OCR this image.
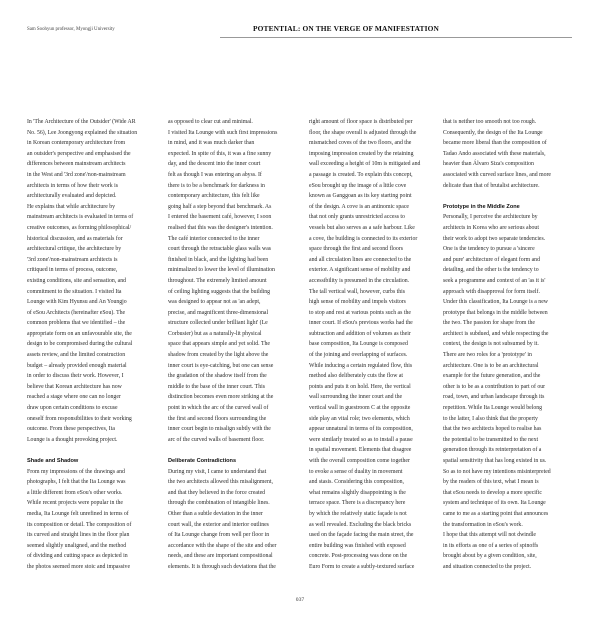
Sam Soohyun professor, Myongji University	POTENTIAL: ON THE VERGE OF MANIFESTATION

In 'The Architecture of the Outsider' (Wide AR

No. 56), Lee Joongyong explained the situation

in Korean contemporary architecture from

an outsider's perspective and emphasised the

differences between mainstream architects

in the West and '3rd zone'/non-mainstream

architects in terms of how their work is

architecturally evaluated and depicted.

He explains that while architecture by

mainstream architects is evaluated in terms of

creative outcomes, as forming philosophical/

historical discussion, and as materials for

architectural critique, the architecture by

'3rd zone'/non-mainstream architects is

critiqued in terms of process, outcome,

existing conditions, site and sensation, and

commitment to the situation. I visited Ita

Lounge with Kim Hyunsu and An Youngjo

of eSou Architects (hereinafter eSou). The

common problems that we identified – the

appropriate form on an unfavourable site, the

design to be compromised during the cultural

assets review, and the limited construction

budget – already provided enough material

in order to discuss their work. However, I

believe that Korean architecture has now

reached a stage where one can no longer

draw upon certain conditions to excuse

oneself from responsibilities to their working

outcome. From these perspectives, Ita

Lounge is a thought provoking project.

Shade and Shadow

From my impressions of the drawings and

photographs, I felt that the Ita Lounge was

a little different from eSou's other works.

While recent projects were popular in the

media, Ita Lounge felt unrefined in terms of

its composition or detail. The composition of

its curved and straight lines in the floor plan

seemed slightly unaligned, and the method

of dividing and cutting space as depicted in

the photos seemed more stoic and impassive

as opposed to clear cut and minimal.

I visited Ita Lounge with such first impressions

in mind, and it was much darker than

expected. In spite of this, it was a fine sunny

day, and the descent into the inner court

felt as though I was entering an abyss. If

there is to be a benchmark for darkness in

contemporary architecture, this felt like

going half a step beyond that benchmark. As

I entered the basement café, however, I soon

realised that this was the designer's intention.

The café interior connected to the inner

court through the retractable glass walls was

finished in black, and the lighting had been

minimalized to lower the level of illumination

throughout. The extremely limited amount

of ceiling lighting suggests that the building

was designed to appear not as 'an adept,

precise, and magnificent three-dimensional

structure collected under brilliant light' (Le

Corbusier) but as a naturally-lit physical

space that appears simple and yet solid. The

shadow from created by the light above the

inner court is eye-catching, but one can sense

the gradation of the shadow itself from the

middle to the base of the inner court. This

distinction becomes even more striking at the

point in which the arc of the curved wall of

the first and second floors surrounding the

inner court begin to misalign subtly with the

arc of the curved walls of basement floor.

Deliberate Contradictions

During my visit, I came to understand that

the two architects allowed this misalignment,

and that they believed in the force created

through the combination of intangible lines.

Other than a subtle deviation in the inner

court wall, the exterior and interior outlines

of Ita Lounge change from well per floor in

accordance with the shape of the site and other

needs, and these are important compositional

elements. It is through such deviations that the

right amount of floor space is distributed per

floor, the shape overall is adjusted through the

mismatched coves of the two floors, and the

imposing impression created by the retaining

wall exceeding a height of 10m is mitigated and

a passage is created. To explain this concept,

eSou brought up the image of a little cove

known as Ganggoan as its key starting point

of the design. A cove is an antinomic space

that not only grants unrestricted access to

vessels but also serves as a safe harbour. Like

a cove, the building is connected to its exterior

space through the first and second floors

and all circulation lines are connected to the

exterior. A significant sense of mobility and

accessibility is presumed in the circulation.

The tall vertical wall, however, curbs this

high sense of mobility and impels visitors

to stop and rest at various points such as the

inner court. If eSou's previous works had the

subtraction and addition of volumes as their

base composition, Ita Lounge is composed

of the joining and overlapping of surfaces.

While inducing a certain regulated flow, this

method also deliberately cuts the flow at

points and puts it on hold. Here, the vertical

wall surrounding the inner court and the

vertical wall in guestroom C at the opposite

side play an vital role; two elements, which

appear unnatural in terms of its composition,

were similarly treated so as to install a pause

in spatial movement. Elements that disagree

with the overall composition come together

to evoke a sense of duality in movement

and stasis. Considering this composition,

what remains slightly disappointing is the

terrace space. There is a discrepancy here

by which the relatively static façade is not

as well revealed. Excluding the black bricks

used on the façade facing the main street, the

entire building was finished with exposed

concrete. Post-processing was done on the

Euro Form to create a subtly-textured surface

that is neither too smooth not too rough.

Consequently, the design of the Ita Lounge

became more liberal than the composition of

Tadao Ando associated with these materials,

heavier than Álvaro Siza's composition

associated with curved surface lines, and more

delicate than that of brutalist architecture.

Prototype in the Middle Zone

Personally, I perceive the architecture by

architects in Korea who are serious about

their work to adopt two separate tendencies.

One is the tendency to pursue a 'sincere

and pure' architecture of elegant form and

detailing, and the other is the tendency to

seek a programme and context of an 'as it is'

approach with disapproval for form itself.

Under this classification, Ita Lounge is a new

prototype that belongs in the middle between

the two. The passion for shape from the

architect is subdued, and while respecting the

context, the design is not subsumed by it.

There are two roles for a 'prototype' in

architecture. One is to be an architectural

example for the future generation, and the

other is to be as a contribution to part of our

road, town, and urban landscape through its

repetition. While Ita Lounge would belong

to the latter, I also think that the property

that the two architects hoped to realise has

the potential to be transmitted to the next

generation through its reinterpretation of a

spatial sensitivity that has long existed in us.

So as to not have my intentions misinterpreted

by the readers of this text, what I mean is

that eSou needs to develop a more specific

system and technique of its own. Ita Lounge

came to me as a starting point that announces

the transformation in eSou's work.

I hope that this attempt will not dwindle

in its efforts as one of a series of spinoffs

brought about by a given condition, site,

and situation connected to the project.

037
